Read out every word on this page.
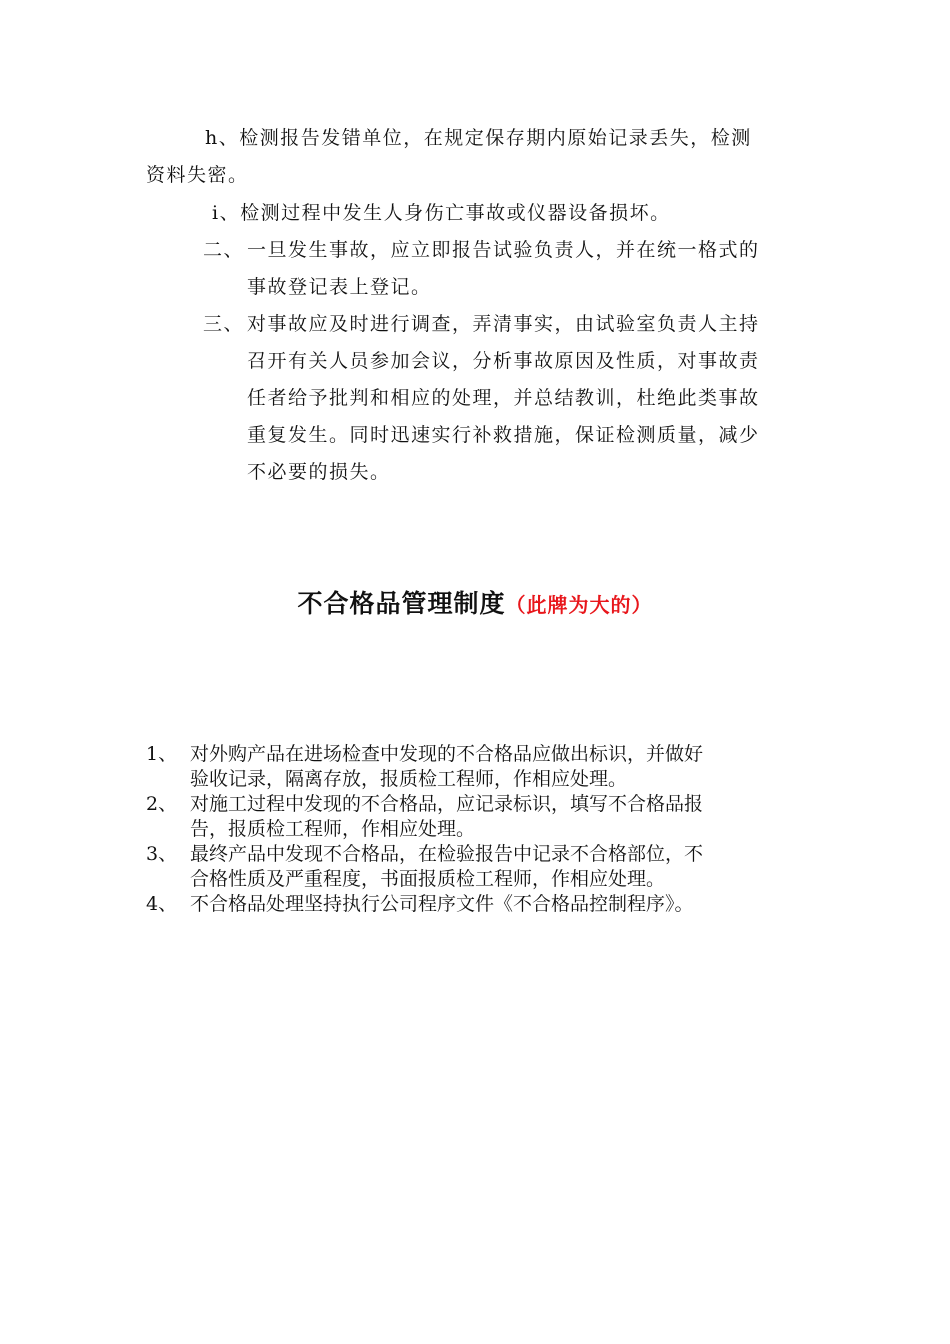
h、检测报告发错单位，在规定保存期内原始记录丢失，检测
资料失密。
i、检测过程中发生人身伤亡事故或仪器设备损坏。
二、 一旦发生事故，应立即报告试验负责人，并在统一格式的
事故登记表上登记。
三、 对事故应及时进行调查，弄清事实，由试验室负责人主持
召开有关人员参加会议，分析事故原因及性质，对事故责
任者给予批判和相应的处理，并总结教训，杜绝此类事故
重复发生。同时迅速实行补救措施，保证检测质量，减少
不必要的损失。
不合格品管理制度（此牌为大的）
1、 对外购产品在进场检查中发现的不合格品应做出标识，并做好
验收记录，隔离存放，报质检工程师，作相应处理。
2、 对施工过程中发现的不合格品，应记录标识，填写不合格品报
告，报质检工程师，作相应处理。
3、 最终产品中发现不合格品，在检验报告中记录不合格部位，不
合格性质及严重程度，书面报质检工程师，作相应处理。
4、 不合格品处理坚持执行公司程序文件《不合格品控制程序》。
